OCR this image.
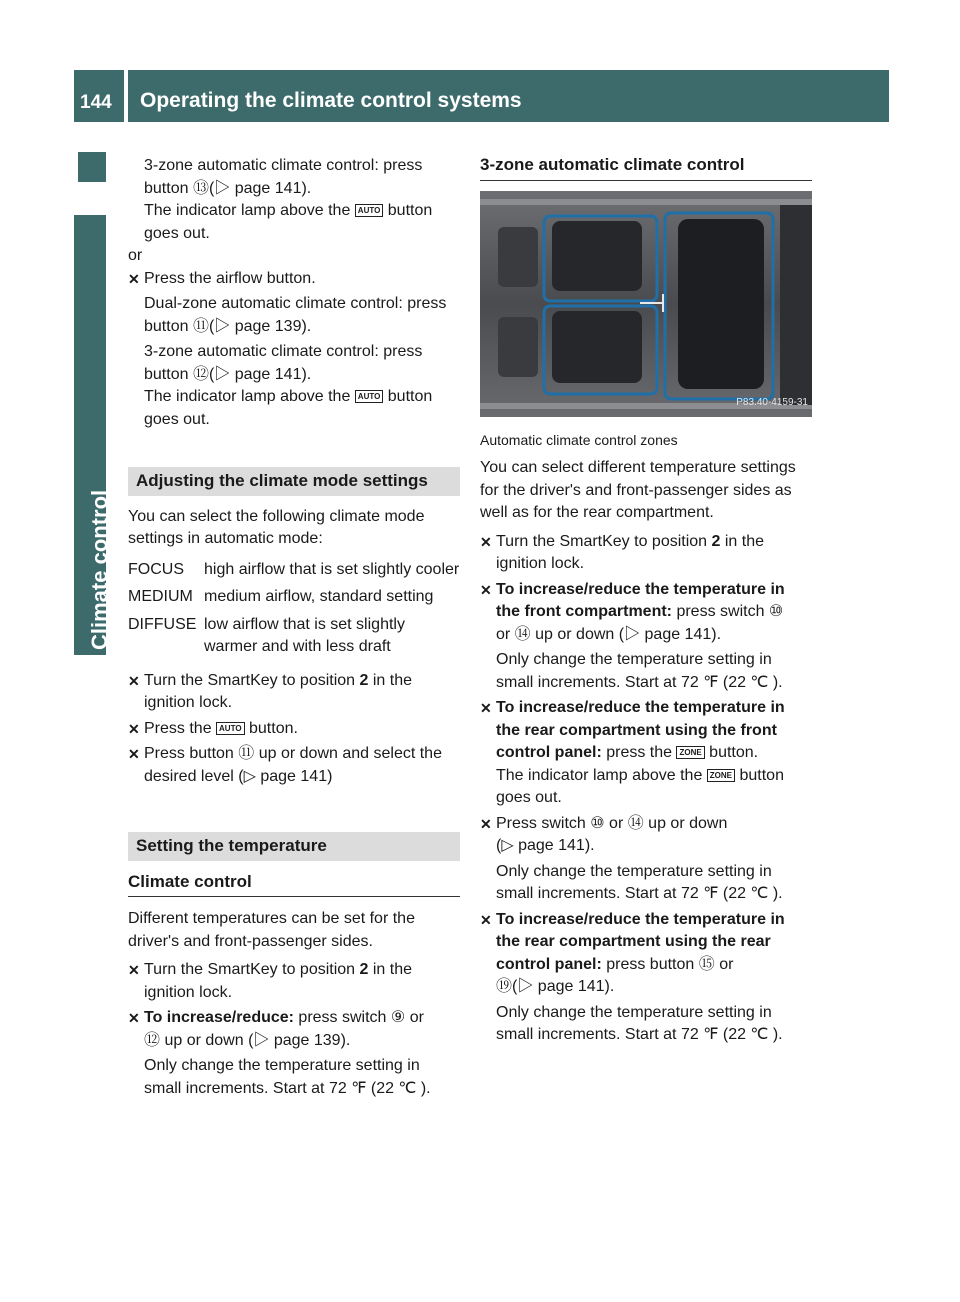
144 Operating the climate control systems
Climate control

3-zone automatic climate control: press

button ⑬(▷ page 141).

The indicator lamp above the AUTO button

goes out.

or

✕ Press the airflow button.

Dual-zone automatic climate control: press

button ⑪(▷ page 139).

3-zone automatic climate control: press

button ⑫(▷ page 141).

The indicator lamp above the AUTO button

goes out.

Adjusting the climate mode settings

You can select the following climate mode

settings in automatic mode:

FOCUS	high airflow that is set slightly cooler
MEDIUM	medium airflow, standard setting
DIFFUSE	low airflow that is set slightly warmer and with less draft
✕ Turn the SmartKey to position 2 in the

ignition lock.

✕ Press the AUTO button.

✕ Press button ⑪ up or down and select the

desired level (▷ page 141)

Setting the temperature
Climate control

Different temperatures can be set for the

driver's and front-passenger sides.

✕ Turn the SmartKey to position 2 in the

ignition lock.

✕ To increase/reduce: press switch ⑨ or

⑫ up or down (▷ page 139).

Only change the temperature setting in

small increments. Start at 72 ℉ (22 ℃ ).

3-zone automatic climate control
P83.40-4159-31

Automatic climate control zones

You can select different temperature settings

for the driver's and front-passenger sides as

well as for the rear compartment.

✕ Turn the SmartKey to position 2 in the

ignition lock.

✕ To increase/reduce the temperature in

the front compartment: press switch ⑩

or ⑭ up or down (▷ page 141).

Only change the temperature setting in

small increments. Start at 72 ℉ (22 ℃ ).

✕ To increase/reduce the temperature in

the rear compartment using the front

control panel: press the ZONE button.

The indicator lamp above the ZONE button

goes out.

✕ Press switch ⑩ or ⑭ up or down

(▷ page 141).

Only change the temperature setting in

small increments. Start at 72 ℉ (22 ℃ ).

✕ To increase/reduce the temperature in

the rear compartment using the rear

control panel: press button ⑮ or

⑲(▷ page 141).

Only change the temperature setting in

small increments. Start at 72 ℉ (22 ℃ ).
